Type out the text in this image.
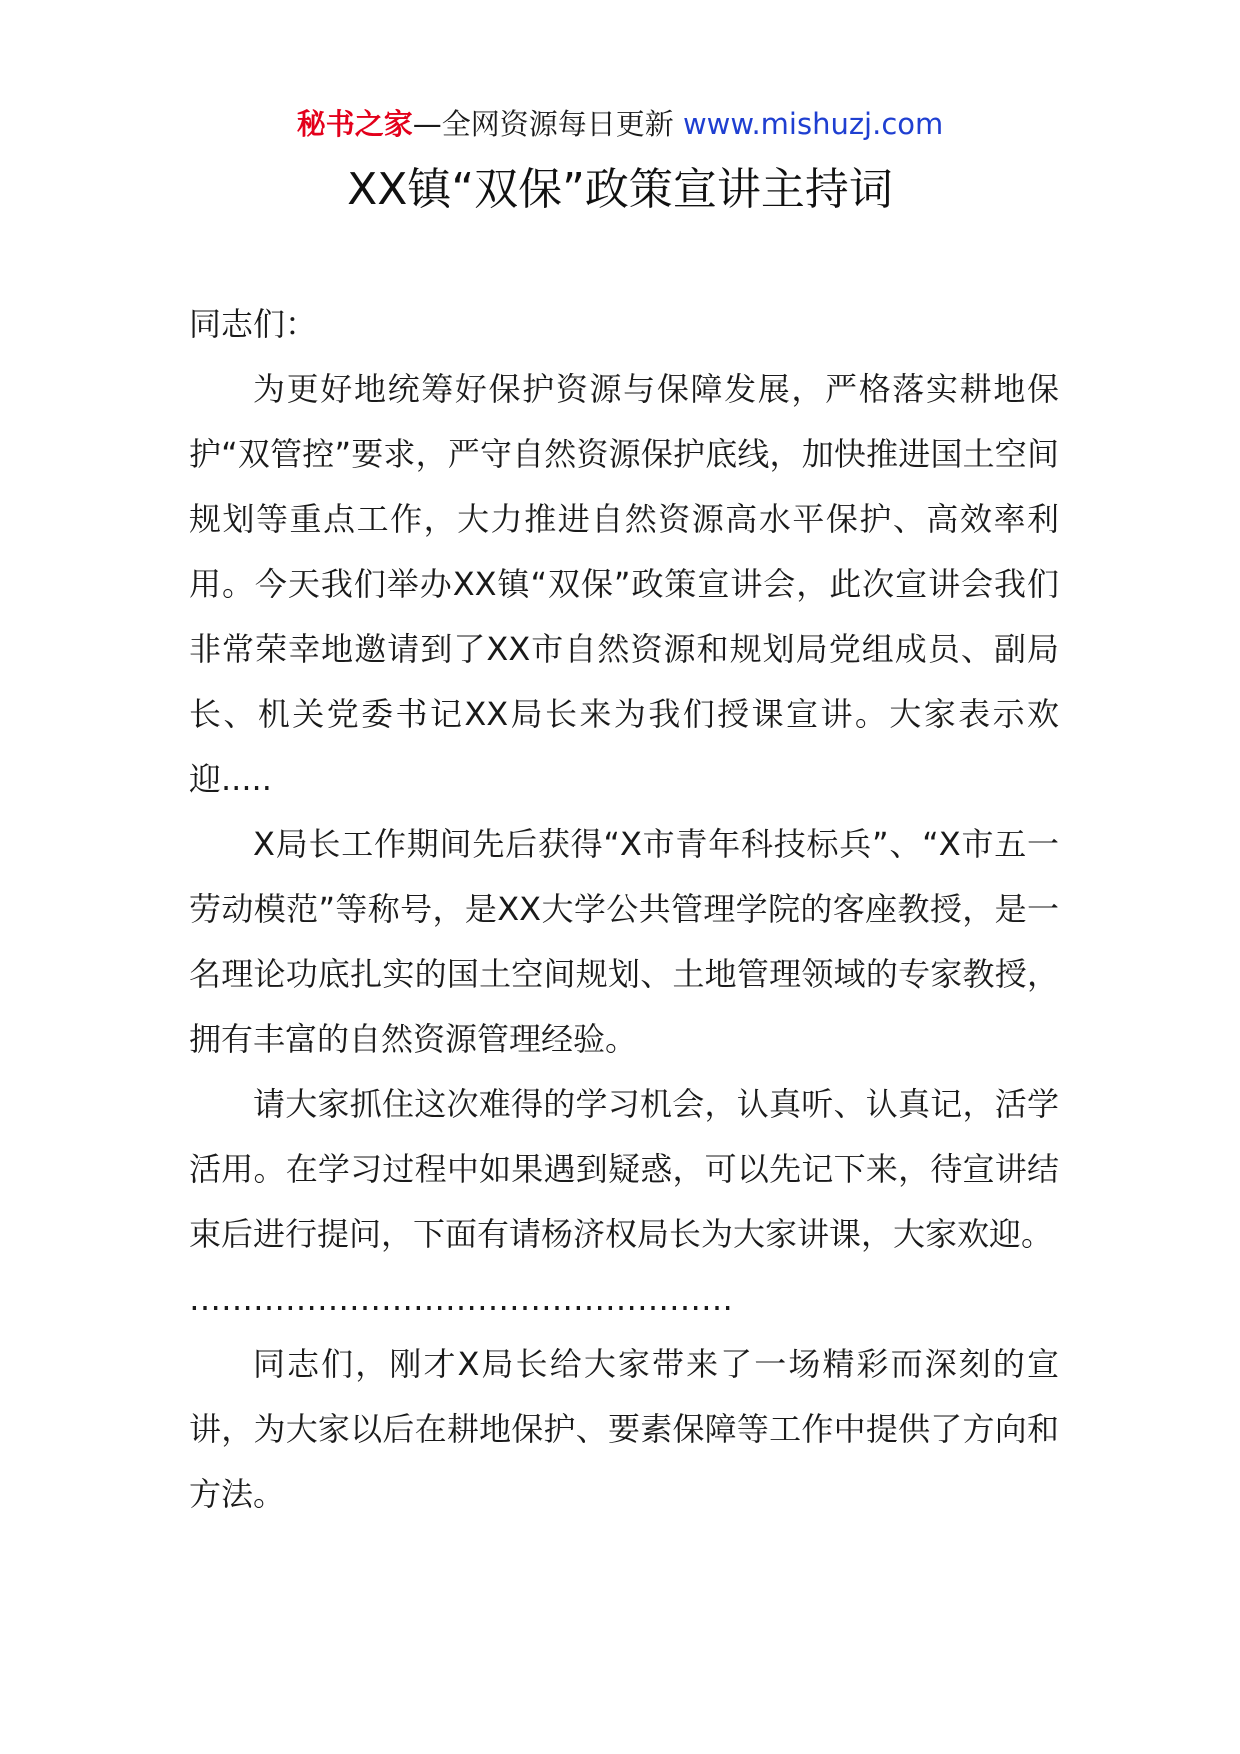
秘书之家—全网资源每日更新 www.mishuzj.com
XX镇“双保”政策宣讲主持词

同志们：

为更好地统筹好保护资源与保障发展，严格落实耕地保护“双管控”要求，严守自然资源保护底线，加快推进国土空间规划等重点工作，大力推进自然资源高水平保护、高效率利用。今天我们举办XX镇“双保”政策宣讲会，此次宣讲会我们非常荣幸地邀请到了XX市自然资源和规划局党组成员、副局长、机关党委书记XX局长来为我们授课宣讲。大家表示欢迎.....

X局长工作期间先后获得“X市青年科技标兵”、“X市五一劳动模范”等称号，是XX大学公共管理学院的客座教授，是一名理论功底扎实的国土空间规划、土地管理领域的专家教授，拥有丰富的自然资源管理经验。

请大家抓住这次难得的学习机会，认真听、认真记，活学活用。在学习过程中如果遇到疑惑，可以先记下来，待宣讲结束后进行提问，下面有请杨济权局长为大家讲课，大家欢迎。

……………………………………………

同志们，刚才X局长给大家带来了一场精彩而深刻的宣讲，为大家以后在耕地保护、要素保障等工作中提供了方向和方法。
